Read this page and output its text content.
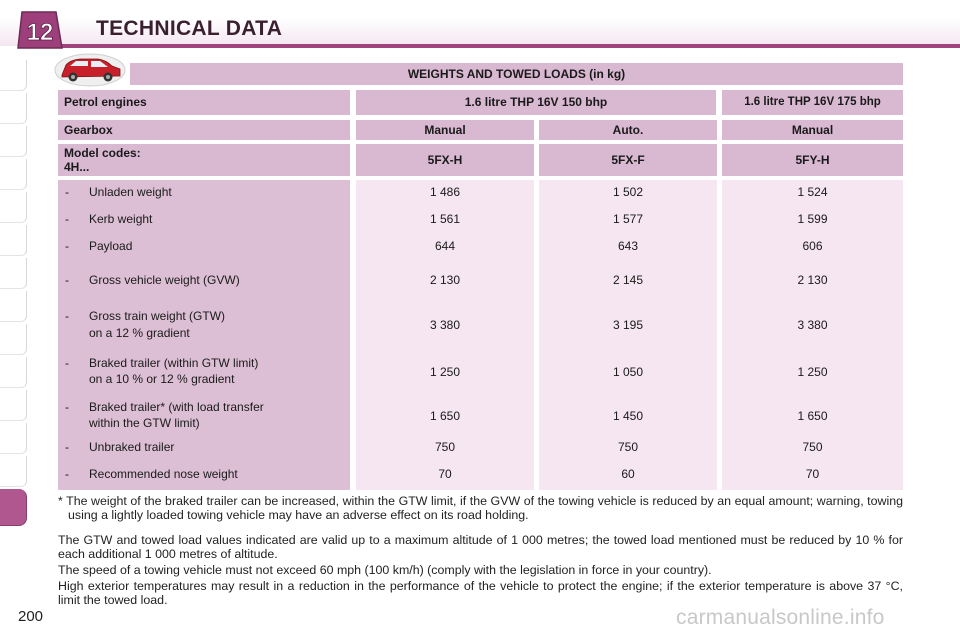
12 TECHNICAL DATA
200
WEIGHTS AND TOWED LOADS (in kg)
Petrol engines	1.6 litre THP 16V 150 bhp	1.6 litre THP 16V 175 bhp
Gearbox	Manual	Auto.	Manual
Model codes:
4H...	5FX-H	5FX-F	5FY-H
- Unladen weight	1 486	1 502	1 524
- Kerb weight	1 561	1 577	1 599
- Payload	644	643	606
- Gross vehicle weight (GVW)	2 130	2 145	2 130
- Gross train weight (GTW)
on a 12 % gradient
3 380	3 195	3 380
- Braked trailer (within GTW limit)
on a 10 % or 12 % gradient	1 250	1 050	1 250
- Braked trailer* (with load transfer
within the GTW limit)	1 650	1 450	1 650
- Unbraked trailer	750	750	750
- Recommended nose weight	70	60	70
* The weight of the braked trailer can be increased, within the GTW limit, if the GVW of the towing vehicle is reduced by an equal amount; warning, towing using a lightly loaded towing vehicle may have an adverse effect on its road holding.
The GTW and towed load values indicated are valid up to a maximum altitude of 1 000 metres; the towed load mentioned must be reduced by 10 % for each additional 1 000 metres of altitude.
The speed of a towing vehicle must not exceed 60 mph (100 km/h) (comply with the legislation in force in your country).
High exterior temperatures may result in a reduction in the performance of the vehicle to protect the engine; if the exterior temperature is above 37 °C, limit the towed load.
carmanualsonline.info
